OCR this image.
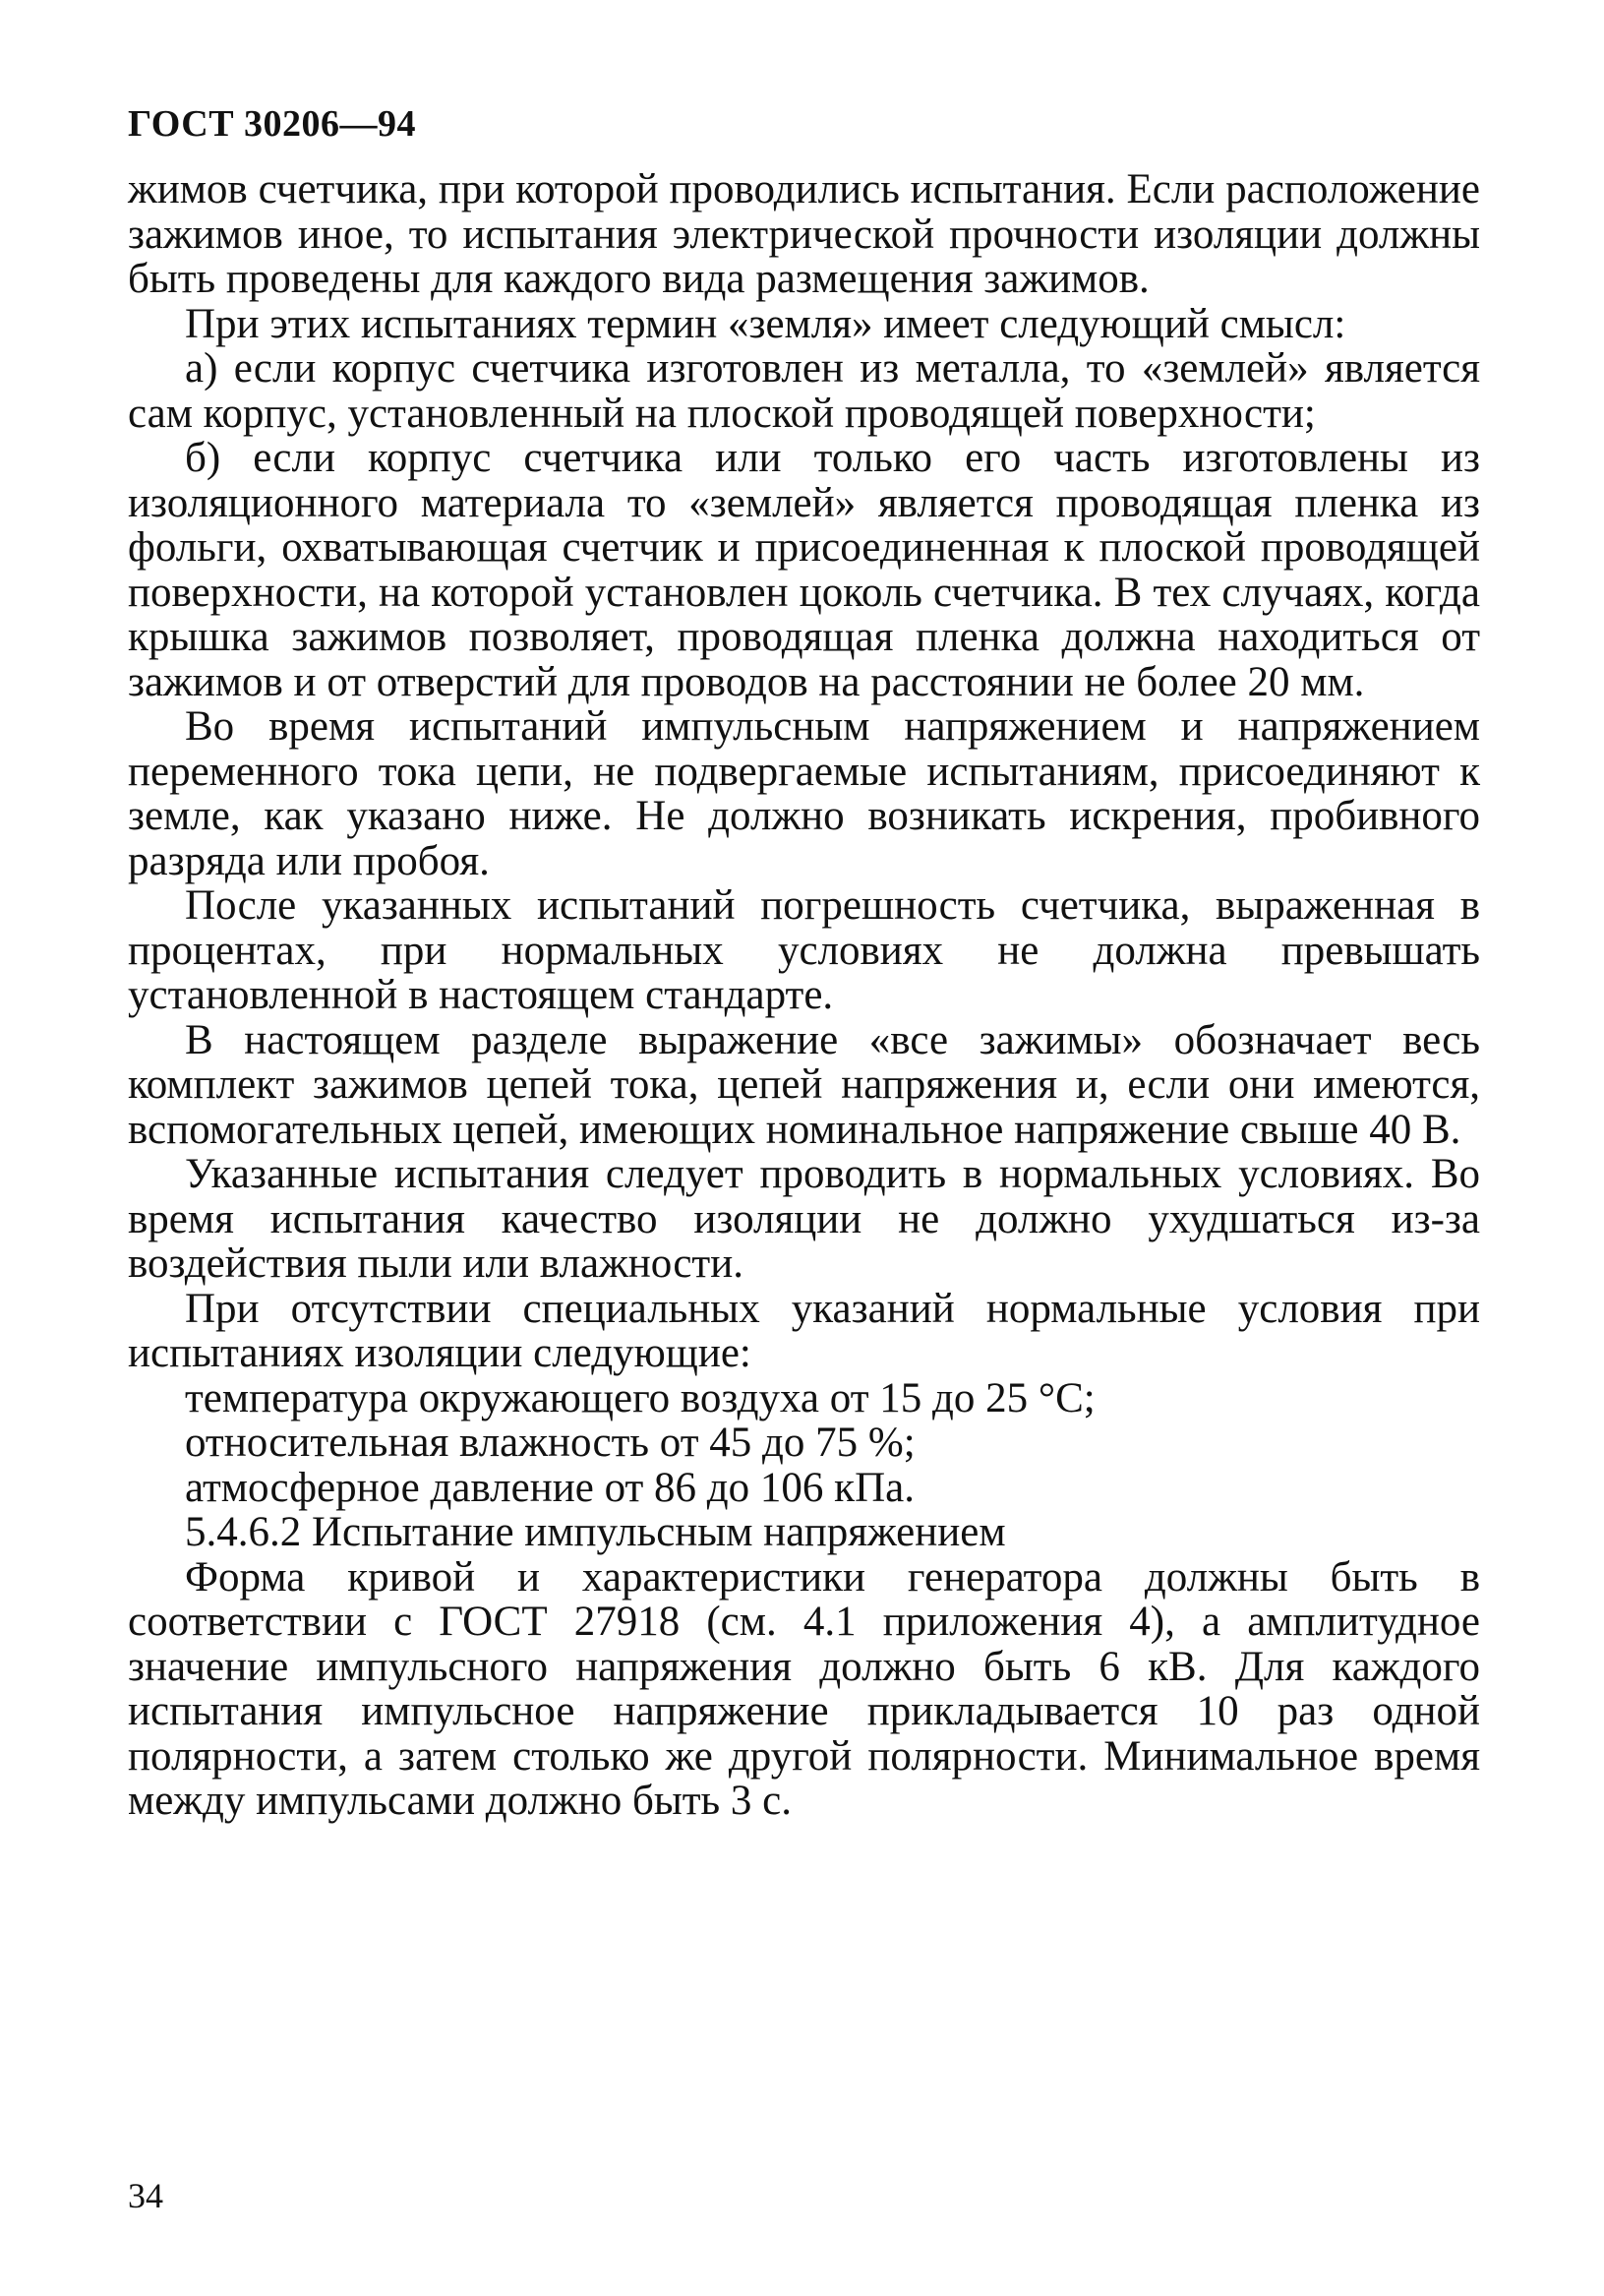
ГОСТ 30206—94

жимов счетчика, при которой проводились испытания. Если расположение зажимов иное, то испытания электрической прочности изоляции должны быть проведены для каждого вида размещения зажимов.

При этих испытаниях термин «земля» имеет следующий смысл:

а) если корпус счетчика изготовлен из металла, то «землей» является сам корпус, установленный на плоской проводящей поверхности;

б) если корпус счетчика или только его часть изготовлены из изоляционного материала то «землей» является проводящая пленка из фольги, охватывающая счетчик и присоединенная к плоской проводящей поверхности, на которой установлен цоколь счетчика. В тех случаях, когда крышка зажимов позволяет, проводящая пленка должна находиться от зажимов и от отверстий для проводов на расстоянии не более 20 мм.

Во время испытаний импульсным напряжением и напряжением переменного тока цепи, не подвергаемые испытаниям, присоединяют к земле, как указано ниже. Не должно возникать искрения, пробивного разряда или пробоя.

После указанных испытаний погрешность счетчика, выраженная в процентах, при нормальных условиях не должна превышать установленной в настоящем стандарте.

В настоящем разделе выражение «все зажимы» обозначает весь комплект зажимов цепей тока, цепей напряжения и, если они имеются, вспомогательных цепей, имеющих номинальное напряжение свыше 40 В.

Указанные испытания следует проводить в нормальных условиях. Во время испытания качество изоляции не должно ухудшаться из-за воздействия пыли или влажности.

При отсутствии специальных указаний нормальные условия при испытаниях изоляции следующие:

температура окружающего воздуха от 15 до 25 °С;

относительная влажность от 45 до 75 %;

атмосферное давление от 86 до 106 кПа.

5.4.6.2 Испытание импульсным напряжением

Форма кривой и характеристики генератора должны быть в соответствии с ГОСТ 27918 (см. 4.1 приложения 4), а амплитудное значение импульсного напряжения должно быть 6 кВ. Для каждого испытания импульсное напряжение прикладывается 10 раз одной полярности, а затем столько же другой полярности. Минимальное время между импульсами должно быть 3 с.

34
